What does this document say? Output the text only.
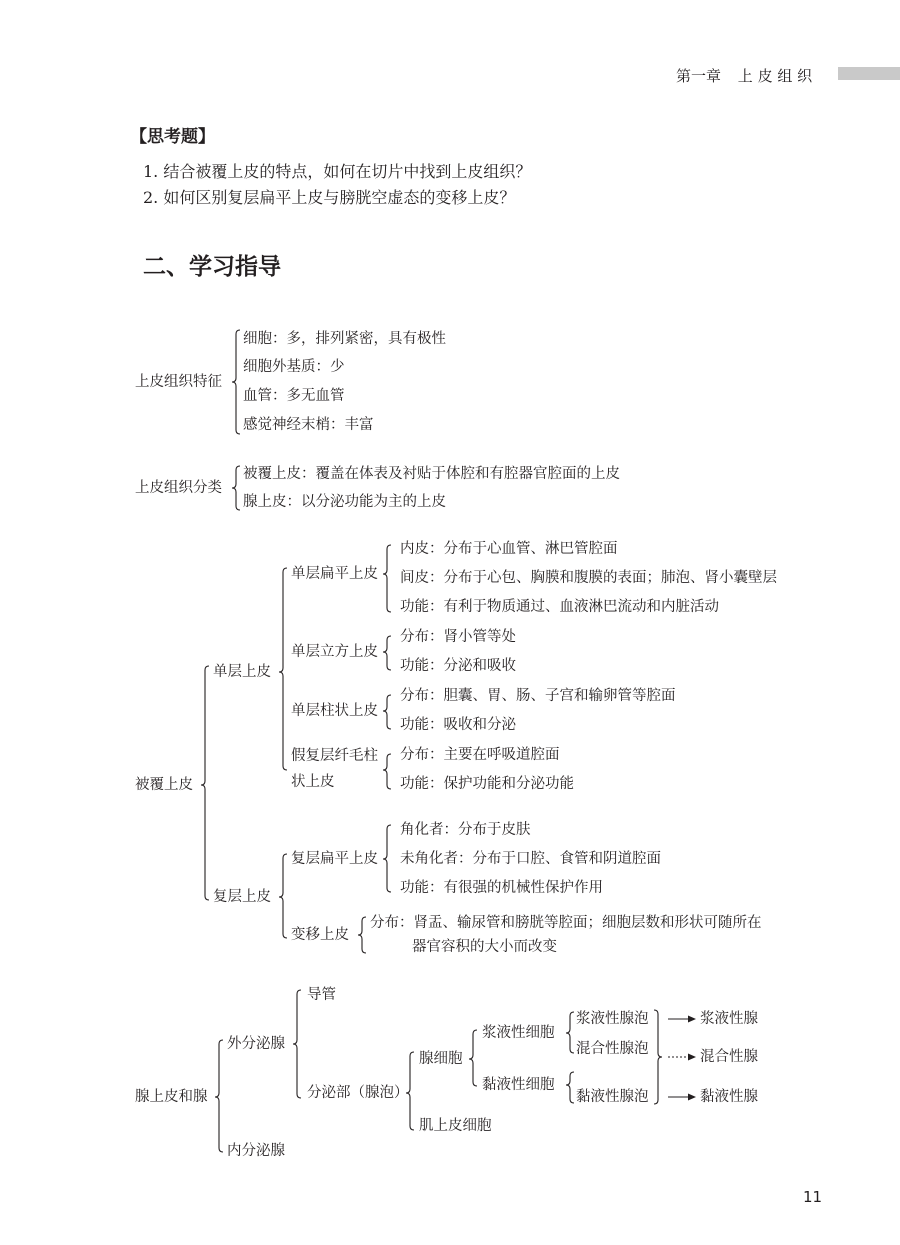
第一章 上 皮 组 织
【思考题】
1. 结合被覆上皮的特点，如何在切片中找到上皮组织？
2. 如何区别复层扁平上皮与膀胱空虚态的变移上皮？
二、学习指导
上皮组织特征
细胞：多，排列紧密，具有极性
细胞外基质：少
血管：多无血管
感觉神经末梢：丰富
上皮组织分类
被覆上皮：覆盖在体表及衬贴于体腔和有腔器官腔面的上皮
腺上皮：以分泌功能为主的上皮
被覆上皮
单层上皮
单层扁平上皮
内皮：分布于心血管、淋巴管腔面
间皮：分布于心包、胸膜和腹膜的表面；肺泡、肾小囊壁层
功能：有利于物质通过、血液淋巴流动和内脏活动
单层立方上皮
分布：肾小管等处
功能：分泌和吸收
单层柱状上皮
分布：胆囊、胃、肠、子宫和输卵管等腔面
功能：吸收和分泌
假复层纤毛柱
状上皮
分布：主要在呼吸道腔面
功能：保护功能和分泌功能
复层上皮
复层扁平上皮
角化者：分布于皮肤
未角化者：分布于口腔、食管和阴道腔面
功能：有很强的机械性保护作用
变移上皮
分布：肾盂、输尿管和膀胱等腔面；细胞层数和形状可随所在
器官容积的大小而改变
腺上皮和腺
外分泌腺
内分泌腺
导管
分泌部（腺泡）
腺细胞
肌上皮细胞
浆液性细胞
黏液性细胞
浆液性腺泡
混合性腺泡
黏液性腺泡
浆液性腺
混合性腺
黏液性腺
11
